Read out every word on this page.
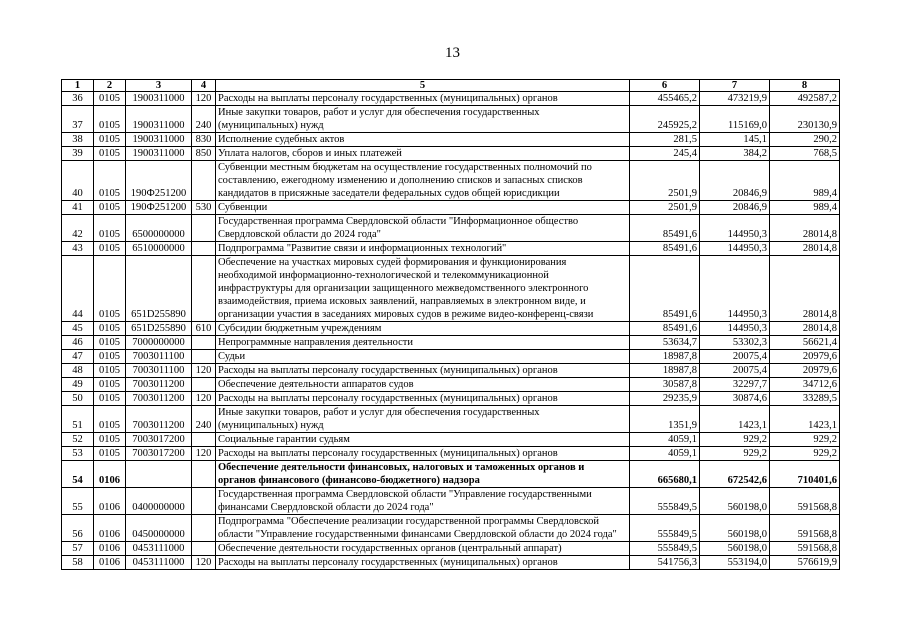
13
1	2	3	4	5	6	7	8
36	0105	1900311000	120	Расходы на выплаты персоналу государственных (муниципальных) органов	455465,2	473219,9	492587,2
37	0105	1900311000	240	Иные закупки товаров, работ и услуг для обеспечения государственных
(муниципальных) нужд	245925,2	115169,0	230130,9
38	0105	1900311000	830	Исполнение судебных актов	281,5	145,1	290,2
39	0105	1900311000	850	Уплата налогов, сборов и иных платежей	245,4	384,2	768,5
40	0105	190Ф251200		Субвенции местным бюджетам на осуществление государственных полномочий по
составлению, ежегодному изменению и дополнению списков и запасных списков
кандидатов в присяжные заседатели федеральных судов общей юрисдикции	2501,9	20846,9	989,4
41	0105	190Ф251200	530	Субвенции	2501,9	20846,9	989,4
42	0105	6500000000		Государственная программа Свердловской области "Информационное общество
Свердловской области до 2024 года"	85491,6	144950,3	28014,8
43	0105	6510000000		Подпрограмма "Развитие связи и информационных технологий"	85491,6	144950,3	28014,8
44	0105	651D255890		Обеспечение на участках мировых судей формирования и функционирования
необходимой информационно-технологической и телекоммуникационной
инфраструктуры для организации защищенного межведомственного электронного
взаимодействия, приема исковых заявлений, направляемых в электронном виде, и
организации участия в заседаниях мировых судов в режиме видео-конференц-связи	85491,6	144950,3	28014,8
45	0105	651D255890	610	Субсидии бюджетным учреждениям	85491,6	144950,3	28014,8
46	0105	7000000000		Непрограммные направления деятельности	53634,7	53302,3	56621,4
47	0105	7003011100		Судьи	18987,8	20075,4	20979,6
48	0105	7003011100	120	Расходы на выплаты персоналу государственных (муниципальных) органов	18987,8	20075,4	20979,6
49	0105	7003011200		Обеспечение деятельности аппаратов судов	30587,8	32297,7	34712,6
50	0105	7003011200	120	Расходы на выплаты персоналу государственных (муниципальных) органов	29235,9	30874,6	33289,5
51	0105	7003011200	240	Иные закупки товаров, работ и услуг для обеспечения государственных
(муниципальных) нужд	1351,9	1423,1	1423,1
52	0105	7003017200		Социальные гарантии судьям	4059,1	929,2	929,2
53	0105	7003017200	120	Расходы на выплаты персоналу государственных (муниципальных) органов	4059,1	929,2	929,2
54	0106			Обеспечение деятельности финансовых, налоговых и таможенных органов и
органов финансового (финансово-бюджетного) надзора	665680,1	672542,6	710401,6
55	0106	0400000000		Государственная программа Свердловской области "Управление государственными
финансами Свердловской области до 2024 года"	555849,5	560198,0	591568,8
56	0106	0450000000		Подпрограмма "Обеспечение реализации государственной программы Свердловской
области "Управление государственными финансами Свердловской области до 2024 года"	555849,5	560198,0	591568,8
57	0106	0453111000		Обеспечение деятельности государственных органов (центральный аппарат)	555849,5	560198,0	591568,8
58	0106	0453111000	120	Расходы на выплаты персоналу государственных (муниципальных) органов	541756,3	553194,0	576619,9
